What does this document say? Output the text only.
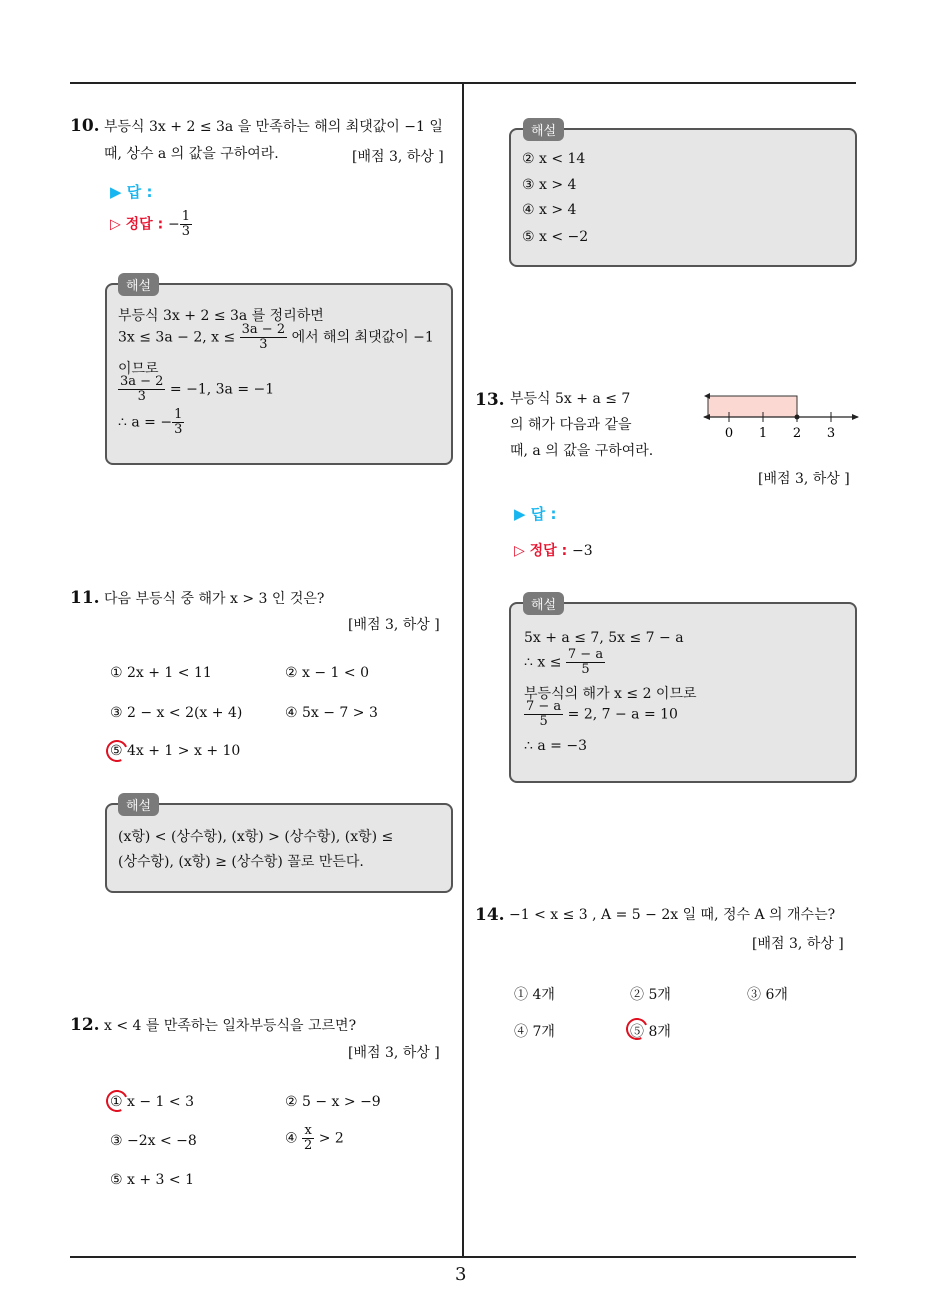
3
10. 부등식 3x + 2 ≤ 3a 을 만족하는 해의 최댓값이 −1 일
때, 상수 a 의 값을 구하여라.	[배점 3, 하상 ]
▶ 답 :
▷ 정답 : − $\frac{1}{3}$
해설
부등식 3x + 2 ≤ 3a 를 정리하면
3x ≤ 3a − 2, $x \le \frac{3a - 2}{3}$ 에서 해의 최댓값이 −1
이므로
$\frac{3a - 2}{3} = -1$, 3a = −1
∴ a = − $\frac{1}{3}$
11. 다음 부등식 중 해가 x > 3 인 것은?
[배점 3, 하상 ]
① 2x + 1 < 11	② x − 1 < 0
③ 2 − x < 2(x + 4)	④ 5x − 7 > 3
⑤ 4x + 1 > x + 10
해설
(x항) < (상수항), (x항) > (상수항), (x항) ≤
(상수항), (x항) ≥ (상수항) 꼴로 만든다.
12. x < 4 를 만족하는 일차부등식을 고르면?
[배점 3, 하상 ]
① x − 1 < 3	② 5 − x > −9
③ −2x < −8	④ $\frac{x}{2} > 2$
⑤ x + 3 < 1
해설
② x < 14
③ x > 4
④ x > 4
⑤ x < −2
13. 부등식 5x + a ≤ 7
의 해가 다음과 같을
때, a 의 값을 구하여라.
[배점 3, 하상 ]
0 1 2 3
▶ 답 :
▷ 정답 : −3
해설
5x + a ≤ 7, 5x ≤ 7 − a
∴ $x \le \frac{7 - a}{5}$
부등식의 해가 x ≤ 2 이므로
$\frac{7 - a}{5} = 2$, 7 − a = 10
∴ a = −3
14. −1 < x ≤ 3 , A = 5 − 2x 일 때, 정수 A 의 개수는?
[배점 3, 하상 ]
① 4개	② 5개	③ 6개
④ 7개	⑤ 8개
